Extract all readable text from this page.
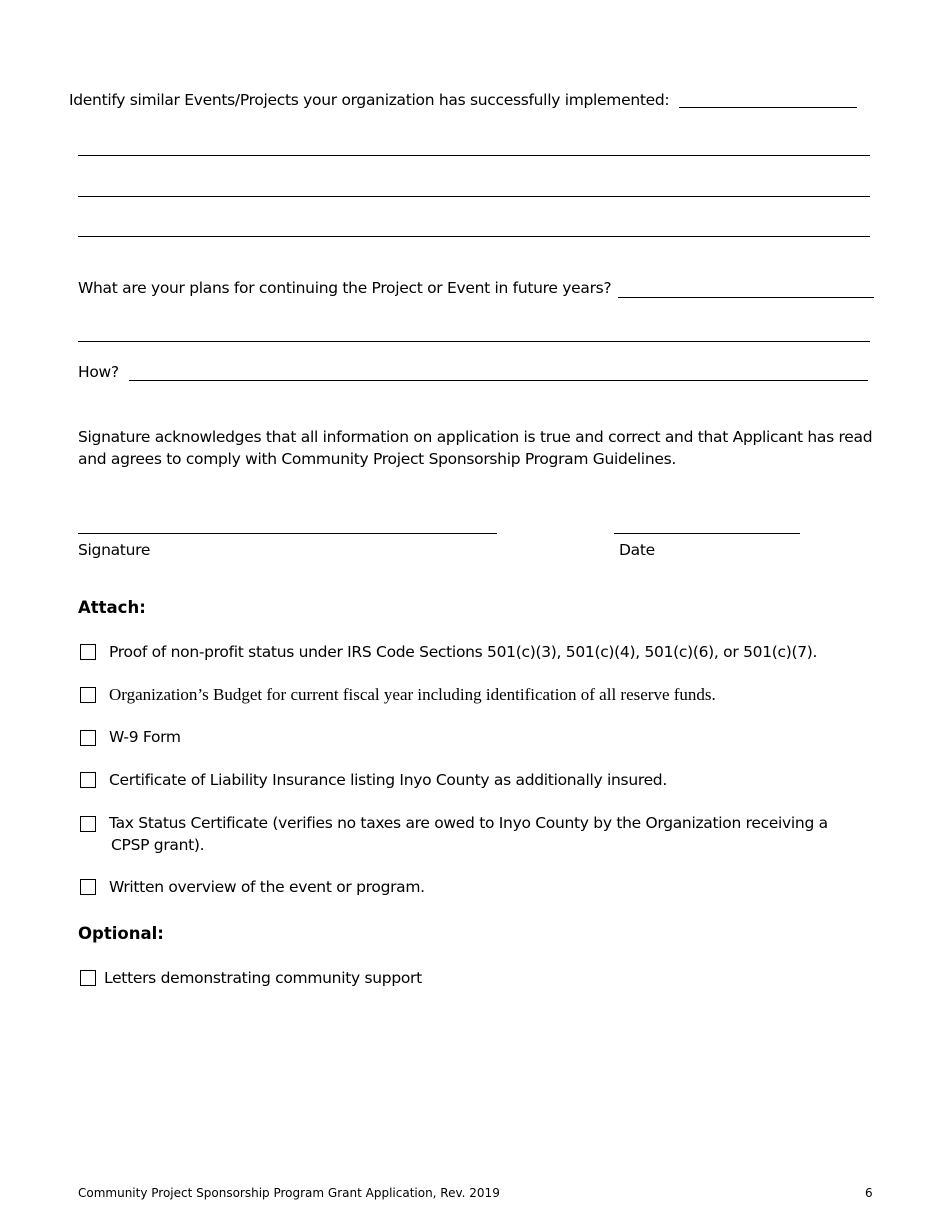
Identify similar Events/Projects your organization has successfully implemented:
What are your plans for continuing the Project or Event in future years?
How?
Signature acknowledges that all information on application is true and correct and that Applicant has read
and agrees to comply with Community Project Sponsorship Program Guidelines.
Signature	Date
Attach:
Proof of non-profit status under IRS Code Sections 501(c)(3), 501(c)(4), 501(c)(6), or 501(c)(7).
Organization’s Budget for current fiscal year including identification of all reserve funds.
W-9 Form
Certificate of Liability Insurance listing Inyo County as additionally insured.
Tax Status Certificate (verifies no taxes are owed to Inyo County by the Organization receiving a
CPSP grant).
Written overview of the event or program.
Optional:
Letters demonstrating community support
Community Project Sponsorship Program Grant Application, Rev. 2019	6
